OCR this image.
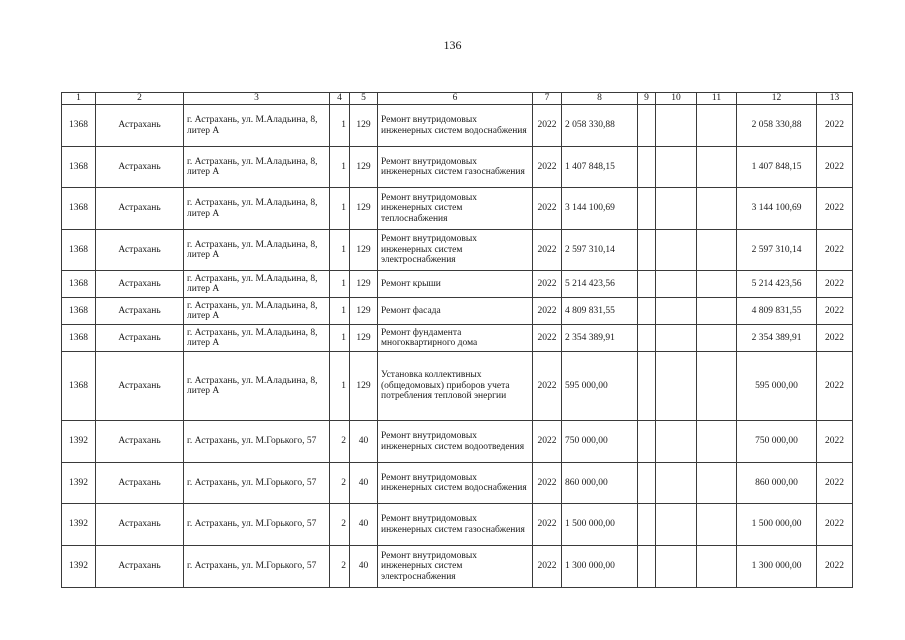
136
1	2	3	4	5	6	7	8	9	10	11	12	13
1368	Астрахань	г. Астрахань, ул. М.Аладьина, 8, литер А	1	129	Ремонт внутридомовых инженерных систем водоснабжения	2022	2 058 330,88				2 058 330,88	2022
1368	Астрахань	г. Астрахань, ул. М.Аладьина, 8, литер А	1	129	Ремонт внутридомовых инженерных систем газоснабжения	2022	1 407 848,15				1 407 848,15	2022
1368	Астрахань	г. Астрахань, ул. М.Аладьина, 8, литер А	1	129	Ремонт внутридомовых инженерных систем теплоснабжения	2022	3 144 100,69				3 144 100,69	2022
1368	Астрахань	г. Астрахань, ул. М.Аладьина, 8, литер А	1	129	Ремонт внутридомовых инженерных систем электроснабжения	2022	2 597 310,14				2 597 310,14	2022
1368	Астрахань	г. Астрахань, ул. М.Аладьина, 8, литер А	1	129	Ремонт крыши	2022	5 214 423,56				5 214 423,56	2022
1368	Астрахань	г. Астрахань, ул. М.Аладьина, 8, литер А	1	129	Ремонт фасада	2022	4 809 831,55				4 809 831,55	2022
1368	Астрахань	г. Астрахань, ул. М.Аладьина, 8, литер А	1	129	Ремонт фундамента многоквартирного дома	2022	2 354 389,91				2 354 389,91	2022
1368	Астрахань	г. Астрахань, ул. М.Аладьина, 8, литер А	1	129	Установка коллективных (общедомовых) приборов учета потребления тепловой энергии	2022	595 000,00				595 000,00	2022
1392	Астрахань	г. Астрахань, ул. М.Горького, 57	2	40	Ремонт внутридомовых инженерных систем водоотведения	2022	750 000,00				750 000,00	2022
1392	Астрахань	г. Астрахань, ул. М.Горького, 57	2	40	Ремонт внутридомовых инженерных систем водоснабжения	2022	860 000,00				860 000,00	2022
1392	Астрахань	г. Астрахань, ул. М.Горького, 57	2	40	Ремонт внутридомовых инженерных систем газоснабжения	2022	1 500 000,00				1 500 000,00	2022
1392	Астрахань	г. Астрахань, ул. М.Горького, 57	2	40	Ремонт внутридомовых инженерных систем электроснабжения	2022	1 300 000,00				1 300 000,00	2022
